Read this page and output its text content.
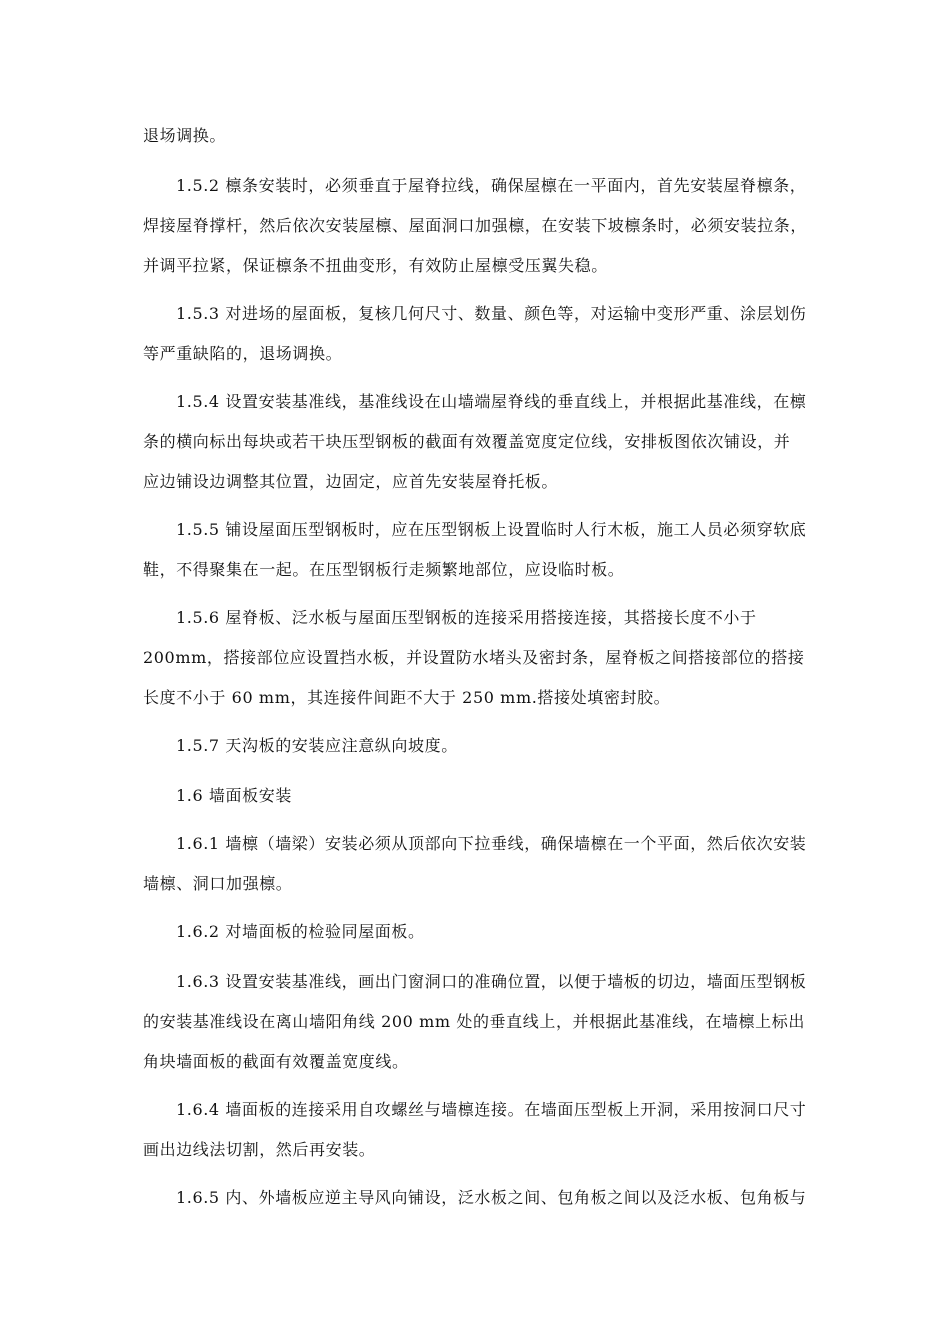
退场调换。
1.5.2 檩条安装时，必须垂直于屋脊拉线，确保屋檩在一平面内，首先安装屋脊檩条，
焊接屋脊撑杆，然后依次安装屋檩、屋面洞口加强檩，在安装下坡檩条时，必须安装拉条，
并调平拉紧，保证檩条不扭曲变形，有效防止屋檩受压翼失稳。
1.5.3 对进场的屋面板，复核几何尺寸、数量、颜色等，对运输中变形严重、涂层划伤
等严重缺陷的，退场调换。
1.5.4 设置安装基准线，基准线设在山墙端屋脊线的垂直线上，并根据此基准线，在檩
条的横向标出每块或若干块压型钢板的截面有效覆盖宽度定位线，安排板图依次铺设，并
应边铺设边调整其位置，边固定，应首先安装屋脊托板。
1.5.5 铺设屋面压型钢板时，应在压型钢板上设置临时人行木板，施工人员必须穿软底
鞋，不得聚集在一起。在压型钢板行走频繁地部位，应设临时板。
1.5.6 屋脊板、泛水板与屋面压型钢板的连接采用搭接连接，其搭接长度不小于
200mm，搭接部位应设置挡水板，并设置防水堵头及密封条，屋脊板之间搭接部位的搭接
长度不小于 60 mm，其连接件间距不大于 250 mm.搭接处填密封胶。
1.5.7 天沟板的安装应注意纵向坡度。
1.6 墙面板安装
1.6.1 墙檩（墙梁）安装必须从顶部向下拉垂线，确保墙檩在一个平面，然后依次安装
墙檩、洞口加强檩。
1.6.2 对墙面板的检验同屋面板。
1.6.3 设置安装基准线，画出门窗洞口的准确位置，以便于墙板的切边，墙面压型钢板
的安装基准线设在离山墙阳角线 200 mm 处的垂直线上，并根据此基准线，在墙檩上标出
角块墙面板的截面有效覆盖宽度线。
1.6.4 墙面板的连接采用自攻螺丝与墙檩连接。在墙面压型板上开洞，采用按洞口尺寸
画出边线法切割，然后再安装。
1.6.5 内、外墙板应逆主导风向铺设，泛水板之间、包角板之间以及泛水板、包角板与
